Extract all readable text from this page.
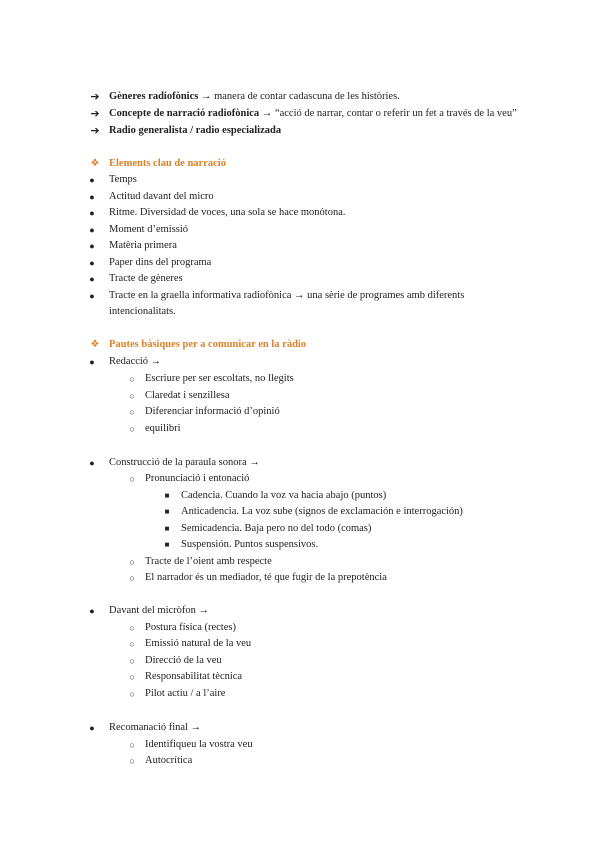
➔ Gèneres radiofònics → manera de contar cadascuna de les històries.
➔ Concepte de narració radiofònica → “acció de narrar, contar o referir un fet a través de la veu”
➔ Radio generalista / radio especializada
❖ Elements clau de narració
●	Temps
●	Actitud davant del micro
●	Ritme. Diversidad de voces, una sola se hace monótona.
●	Moment d’emissió
●	Matèria primera
●	Paper dins del programa
●	Tracte de gèneres
●	Tracte en la graella informativa radiofònica → una sèrie de programes amb diferents
intencionalitats.
❖ Pautes bàsiques per a comunicar en la ràdio
●	Redacció →
○ Escriure per ser escoltats, no llegits
○ Claredat i senzillesa
○ Diferenciar informació d’opinió
○ equilibri
●	Construcció de la paraula sonora →
○ Pronunciació i entonació
■	Cadencia. Cuando la voz va hacia abajo (puntos)
■	Anticadencia. La voz sube (signos de exclamación e interrogación)
■	Semicadencia. Baja pero no del todo (comas)
■	Suspensión. Puntos suspensivos.
○ Tracte de l’oient amb respecte
○ El narrador és un mediador, té que fugir de la prepotència
●	Davant del micròfon →
○ Postura física (rectes)
○ Emissió natural de la veu
○ Direcció de la veu
○ Responsabilitat tècnica
○ Pilot actiu / a l’aire
●	Recomanació final →
○ Identifiqueu la vostra veu
○ Autocrítica
